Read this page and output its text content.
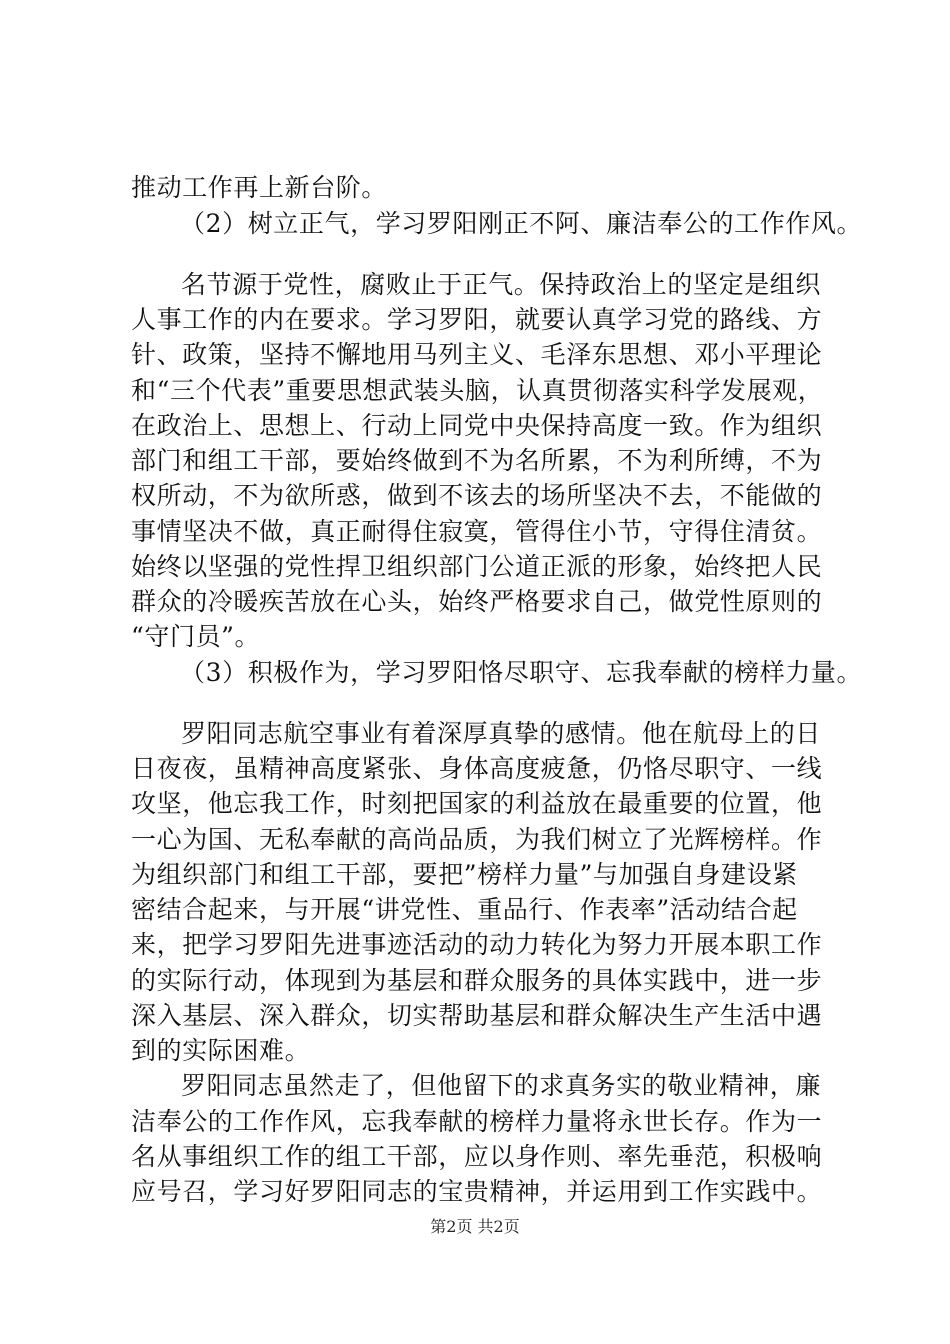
推动工作再上新台阶。
（2）树立正气，学习罗阳刚正不阿、廉洁奉公的工作作风。
名节源于党性，腐败止于正气。保持政治上的坚定是组织
人事工作的内在要求。学习罗阳，就要认真学习党的路线、方
针、政策，坚持不懈地用马列主义、毛泽东思想、邓小平理论
和“三个代表”重要思想武装头脑，认真贯彻落实科学发展观，
在政治上、思想上、行动上同党中央保持高度一致。作为组织
部门和组工干部，要始终做到不为名所累，不为利所缚，不为
权所动，不为欲所惑，做到不该去的场所坚决不去，不能做的
事情坚决不做，真正耐得住寂寞，管得住小节，守得住清贫。
始终以坚强的党性捍卫组织部门公道正派的形象，始终把人民
群众的冷暖疾苦放在心头，始终严格要求自己，做党性原则的
“守门员”。
（3）积极作为，学习罗阳恪尽职守、忘我奉献的榜样力量。
罗阳同志航空事业有着深厚真挚的感情。他在航母上的日
日夜夜，虽精神高度紧张、身体高度疲惫，仍恪尽职守、一线
攻坚，他忘我工作，时刻把国家的利益放在最重要的位置，他
一心为国、无私奉献的高尚品质，为我们树立了光辉榜样。作
为组织部门和组工干部，要把”榜样力量”与加强自身建设紧
密结合起来，与开展“讲党性、重品行、作表率”活动结合起
来，把学习罗阳先进事迹活动的动力转化为努力开展本职工作
的实际行动，体现到为基层和群众服务的具体实践中，进一步
深入基层、深入群众，切实帮助基层和群众解决生产生活中遇
到的实际困难。
罗阳同志虽然走了，但他留下的求真务实的敬业精神，廉
洁奉公的工作作风，忘我奉献的榜样力量将永世长存。作为一
名从事组织工作的组工干部，应以身作则、率先垂范，积极响
应号召，学习好罗阳同志的宝贵精神，并运用到工作实践中。
第2页 共2页
